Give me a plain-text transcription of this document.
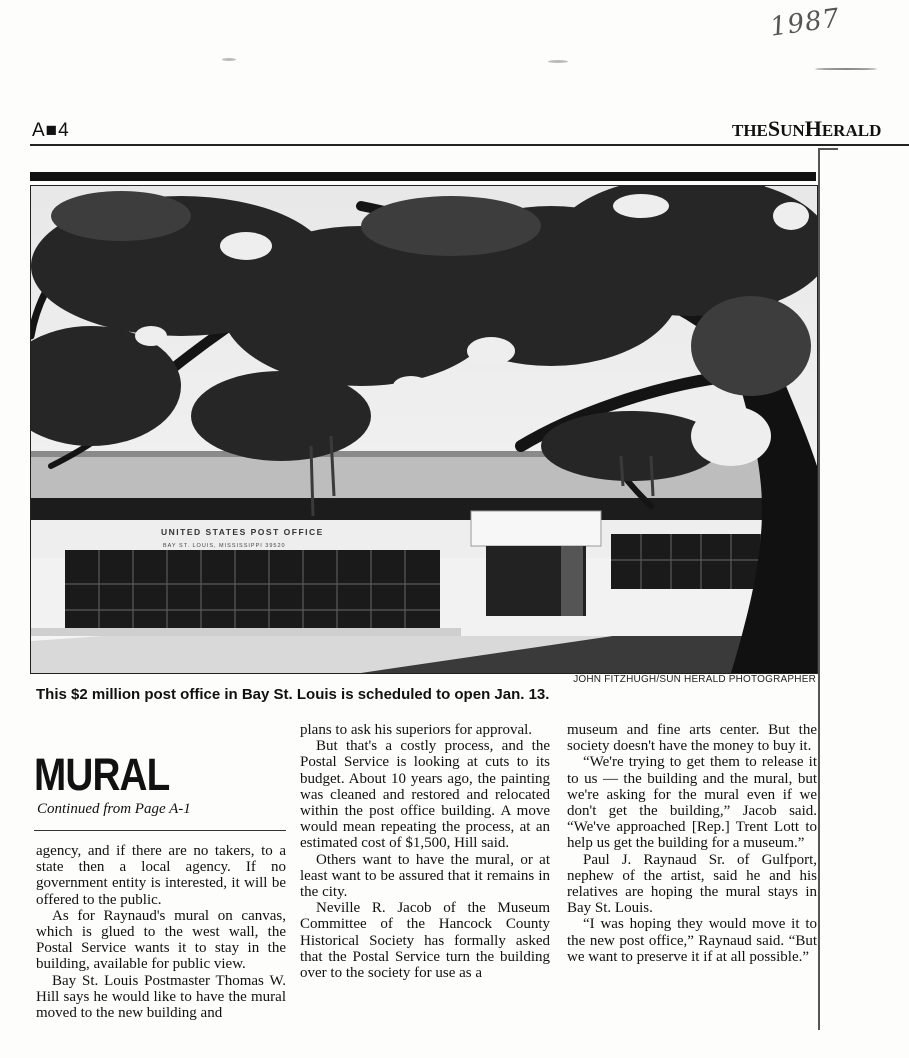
1987
A■4	THESUNHERALD
UNITED STATES POST OFFICE
BAY ST. LOUIS, MISSISSIPPI 39520
JOHN FITZHUGH/SUN HERALD PHOTOGRAPHER
This $2 million post office in Bay St. Louis is scheduled to open Jan. 13.
MURAL
Continued from Page A-1

agency, and if there are no takers, to a state then a local agency. If no government entity is interested, it will be offered to the public.

As for Raynaud's mural on canvas, which is glued to the west wall, the Postal Service wants it to stay in the building, available for public view.

Bay St. Louis Postmaster Thomas W. Hill says he would like to have the mural moved to the new building and

plans to ask his superiors for approval.

But that's a costly process, and the Postal Service is looking at cuts to its budget. About 10 years ago, the painting was cleaned and restored and relocated within the post office building. A move would mean repeating the process, at an estimated cost of $1,500, Hill said.

Others want to have the mural, or at least want to be assured that it remains in the city.

Neville R. Jacob of the Museum Committee of the Hancock County Historical Society has formally asked that the Postal Service turn the building over to the society for use as a

museum and fine arts center. But the society doesn't have the money to buy it.

“We're trying to get them to release it to us — the building and the mural, but we're asking for the mural even if we don't get the building,” Jacob said. “We've approached [Rep.] Trent Lott to help us get the building for a museum.”

Paul J. Raynaud Sr. of Gulfport, nephew of the artist, said he and his relatives are hoping the mural stays in Bay St. Louis.

“I was hoping they would move it to the new post office,” Raynaud said. “But we want to preserve it if at all possible.”
